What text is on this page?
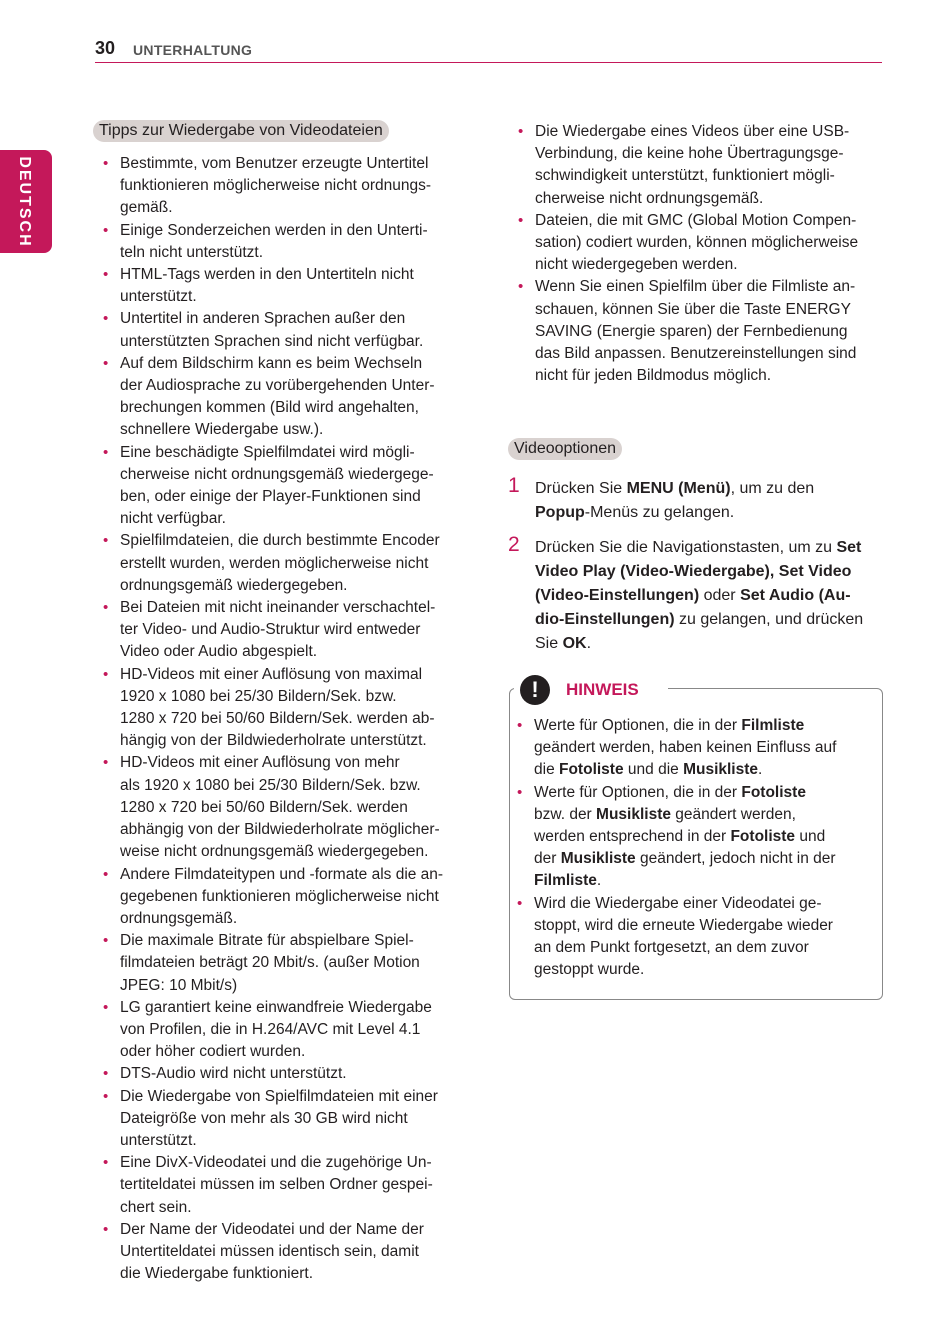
30 UNTERHALTUNG
DEUTSCH
Tipps zur Wiedergabe von Videodateien
• Bestimmte, vom Benutzer erzeugte Untertitel
funktionieren möglicherweise nicht ordnungs-
gemäß.
• Einige Sonderzeichen werden in den Unterti-
teln nicht unterstützt.
• HTML-Tags werden in den Untertiteln nicht
unterstützt.
• Untertitel in anderen Sprachen außer den
unterstützten Sprachen sind nicht verfügbar.
• Auf dem Bildschirm kann es beim Wechseln
der Audiosprache zu vorübergehenden Unter-
brechungen kommen (Bild wird angehalten,
schnellere Wiedergabe usw.).
• Eine beschädigte Spielfilmdatei wird mögli-
cherweise nicht ordnungsgemäß wiedergege-
ben, oder einige der Player-Funktionen sind
nicht verfügbar.
• Spielfilmdateien, die durch bestimmte Encoder
erstellt wurden, werden möglicherweise nicht
ordnungsgemäß wiedergegeben.
• Bei Dateien mit nicht ineinander verschachtel-
ter Video- und Audio-Struktur wird entweder
Video oder Audio abgespielt.
• HD-Videos mit einer Auflösung von maximal
1920 x 1080 bei 25/30 Bildern/Sek. bzw.
1280 x 720 bei 50/60 Bildern/Sek. werden ab-
hängig von der Bildwiederholrate unterstützt.
• HD-Videos mit einer Auflösung von mehr
als 1920 x 1080 bei 25/30 Bildern/Sek. bzw.
1280 x 720 bei 50/60 Bildern/Sek. werden
abhängig von der Bildwiederholrate möglicher-
weise nicht ordnungsgemäß wiedergegeben.
• Andere Filmdateitypen und -formate als die an-
gegebenen funktionieren möglicherweise nicht
ordnungsgemäß.
• Die maximale Bitrate für abspielbare Spiel-
filmdateien beträgt 20 Mbit/s. (außer Motion
JPEG: 10 Mbit/s)
• LG garantiert keine einwandfreie Wiedergabe
von Profilen, die in H.264/AVC mit Level 4.1
oder höher codiert wurden.
• DTS-Audio wird nicht unterstützt.
• Die Wiedergabe von Spielfilmdateien mit einer
Dateigröße von mehr als 30 GB wird nicht
unterstützt.
• Eine DivX-Videodatei und die zugehörige Un-
tertiteldatei müssen im selben Ordner gespei-
chert sein.
• Der Name der Videodatei und der Name der
Untertiteldatei müssen identisch sein, damit
die Wiedergabe funktioniert.
• Die Wiedergabe eines Videos über eine USB-
Verbindung, die keine hohe Übertragungsge-
schwindigkeit unterstützt, funktioniert mögli-
cherweise nicht ordnungsgemäß.
• Dateien, die mit GMC (Global Motion Compen-
sation) codiert wurden, können möglicherweise
nicht wiedergegeben werden.
• Wenn Sie einen Spielfilm über die Filmliste an-
schauen, können Sie über die Taste ENERGY
SAVING (Energie sparen) der Fernbedienung
das Bild anpassen. Benutzereinstellungen sind
nicht für jeden Bildmodus möglich.
Videooptionen
1 Drücken Sie MENU (Menü), um zu den
Popup-Menüs zu gelangen.
2 Drücken Sie die Navigationstasten, um zu Set
Video Play (Video-Wiedergabe), Set Video
(Video-Einstellungen) oder Set Audio (Au-
dio-Einstellungen) zu gelangen, und drücken
Sie OK.
!	HINWEIS
• Werte für Optionen, die in der Filmliste
geändert werden, haben keinen Einfluss auf
die Fotoliste und die Musikliste.
• Werte für Optionen, die in der Fotoliste
bzw. der Musikliste geändert werden,
werden entsprechend in der Fotoliste und
der Musikliste geändert, jedoch nicht in der
Filmliste.
• Wird die Wiedergabe einer Videodatei ge-
stoppt, wird die erneute Wiedergabe wieder
an dem Punkt fortgesetzt, an dem zuvor
gestoppt wurde.
